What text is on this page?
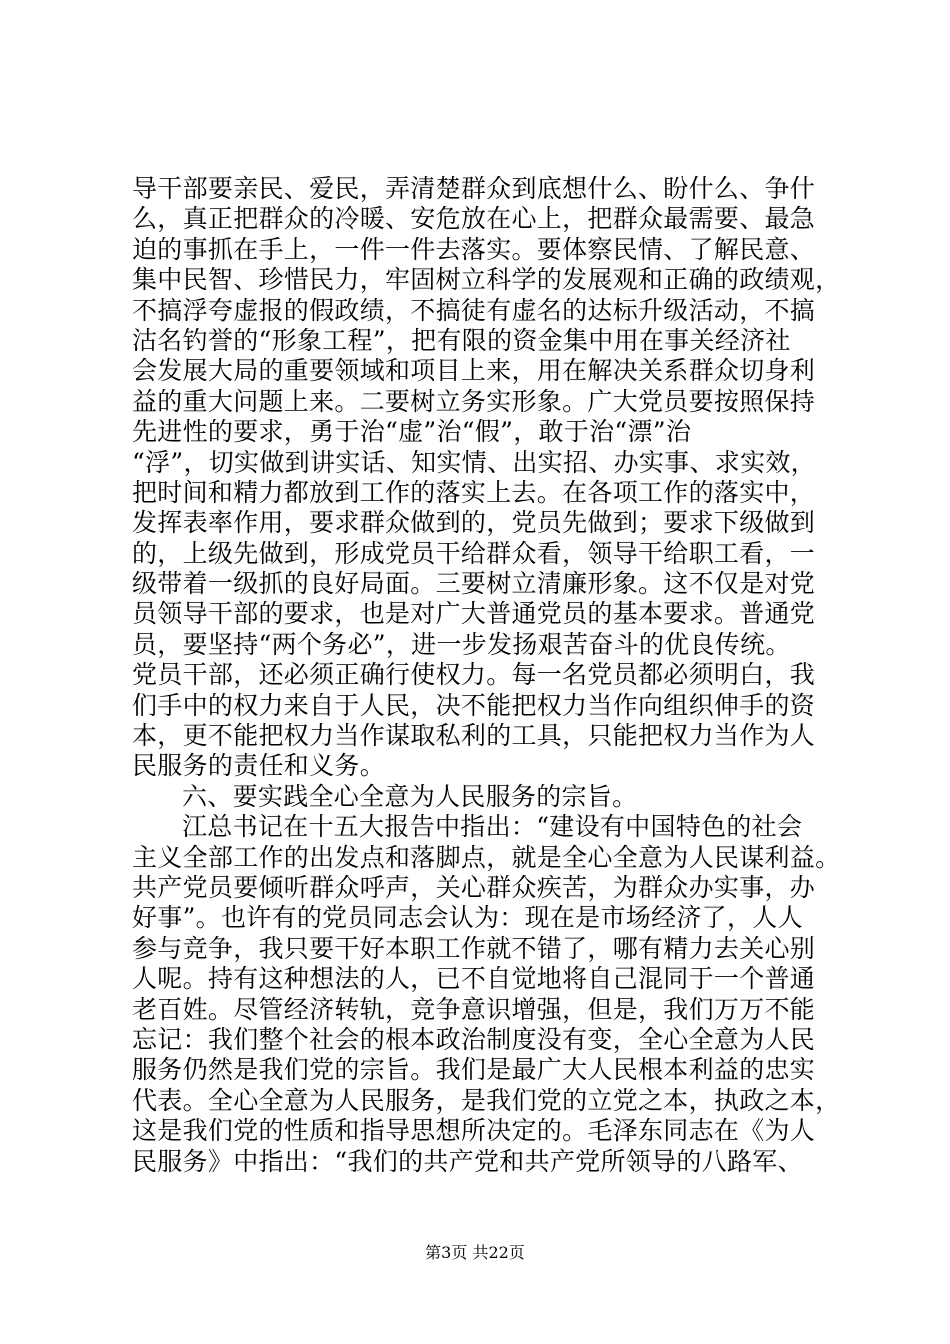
导干部要亲民、爱民，弄清楚群众到底想什么、盼什么、争什
么，真正把群众的冷暖、安危放在心上，把群众最需要、最急
迫的事抓在手上，一件一件去落实。要体察民情、了解民意、
集中民智、珍惜民力，牢固树立科学的发展观和正确的政绩观，
不搞浮夸虚报的假政绩，不搞徒有虚名的达标升级活动，不搞
沽名钓誉的“形象工程”，把有限的资金集中用在事关经济社
会发展大局的重要领域和项目上来，用在解决关系群众切身利
益的重大问题上来。二要树立务实形象。广大党员要按照保持
先进性的要求，勇于治“虚”治“假”，敢于治“漂”治
“浮”，切实做到讲实话、知实情、出实招、办实事、求实效，
把时间和精力都放到工作的落实上去。在各项工作的落实中，
发挥表率作用，要求群众做到的，党员先做到；要求下级做到
的，上级先做到，形成党员干给群众看，领导干给职工看，一
级带着一级抓的良好局面。三要树立清廉形象。这不仅是对党
员领导干部的要求，也是对广大普通党员的基本要求。普通党
员，要坚持“两个务必”，进一步发扬艰苦奋斗的优良传统。
党员干部，还必须正确行使权力。每一名党员都必须明白，我
们手中的权力来自于人民，决不能把权力当作向组织伸手的资
本，更不能把权力当作谋取私利的工具，只能把权力当作为人
民服务的责任和义务。
六、要实践全心全意为人民服务的宗旨。
江总书记在十五大报告中指出：“建设有中国特色的社会
主义全部工作的出发点和落脚点，就是全心全意为人民谋利益。
共产党员要倾听群众呼声，关心群众疾苦，为群众办实事，办
好事”。也许有的党员同志会认为：现在是市场经济了，人人
参与竞争，我只要干好本职工作就不错了，哪有精力去关心别
人呢。持有这种想法的人，已不自觉地将自己混同于一个普通
老百姓。尽管经济转轨，竞争意识增强，但是，我们万万不能
忘记：我们整个社会的根本政治制度没有变，全心全意为人民
服务仍然是我们党的宗旨。我们是最广大人民根本利益的忠实
代表。全心全意为人民服务，是我们党的立党之本，执政之本，
这是我们党的性质和指导思想所决定的。毛泽东同志在《为人
民服务》中指出：“我们的共产党和共产党所领导的八路军、
第3页 共22页
